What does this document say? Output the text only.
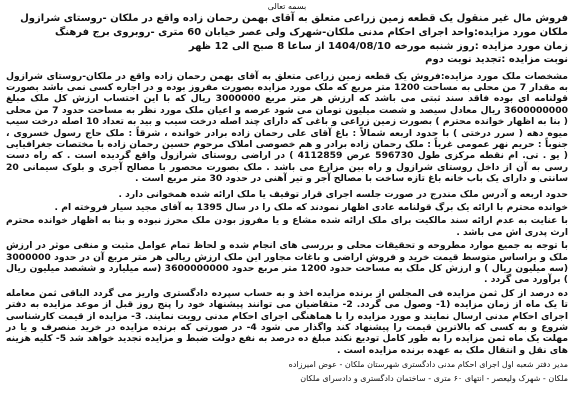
بسمه تعالی
فروش مال غیر منقول یک قطعه زمین زراعی متعلق به آقای بهمن رحمان زاده واقع در ملکان -روستای شرازول
ملکان مورد مزایده:واحد اجرای احکام مدنی ملکان-شهرک ولی عصر خیابان 60 متری -روبروی برج فرهنگ
زمان مورد مزایده :روز شنبه مورخه 1404/08/10 از ساعا 8 صبح الی 12 ظهر
نوبت مزایده :تجدید نوبت دوم

مشخصات ملک مورد مزایده:فروش یک قطعه زمین زراعی متعلق به آقای بهمن رحمان زاده واقع در ملکان-روستای شرازول به مقدار 7 من محلی به مساحت 1200 متر مربع که ملک مورد مزایده بصورت مفروز بوده و در اجاره کسی نمی باشد بصورت قولنامه ای بوده فاقد سند ثبتی می باشد که ارزش هر متر مربع 3000000 ریال که با این احتساب ارزش کل ملک مبلغ 3600000000 ریال معادل سیصد و شصت میلیون تومان می شود عرصه و اعیان ملک مورد نظر به مساحت حدود 7 من محلی ( بنا به اظهار خوانده محترم ) بصورت زمین زراعی و باغی که دارای چند اصله درخت سیب و بید به تعداد 10 اصله درخت سیب میوه دهه ( سرر درختی ) با حدود اربعه شمالاً : باغ آقای علی رحمان زاده برادر خوانده ، شرقاً : ملک حاج رسول خسروی ، جنوباً : حریم نهر عمومی غرباً : ملک رحمان زاده برادر و هم خصوصی املاک مرحوم حسین رحمان زاده با مختصات جغرافیایی ( یو . تی. ام نقطه مرکزی طول 596730 عرض 4112859 ) در اراضی روستای شرازول واقع گردیده است . که راه دست رسی به آن از داخل روستای شرازول و راه بین مزارع می باشد . ملک بصورت محصور با مصالح آجری و بلوک سیمانی 20 سانتی و دارای یک باب خانه باغ تازه ساخت با مصالح آجر و تیر آهنی در حدود 30 متر مربع است .

حدود اربعه و آدرس ملک مندرج در صورت جلسه اجرای قرار توقیف یا ملک ارائه شده همخوانی دارد .

خوانده محترم با ارائه یک برگ قولنامه عادی اظهار نمودند که ملک را در سال 1395 به آقای مجید سیار فروخته ام .

با عنایت به عدم ارائه سند مالکیت برای ملک ارائه شده مشاع و یا مفروز بودن ملک محرز نبوده و بنا به اظهار خوانده محترم ارث پدری اش می باشد .

با توجه به جمیع موارد مطروحه و تحقیقات محلی و بررسی های انجام شده و لحاظ تمام عوامل مثبت و منفی موثر در ارزش ملک و براساس متوسط قیمت خرید و فروش اراضی و باغات مجاور این ملک ارزش ریالی هر متر مربع آن در حدود 3000000 (سه میلیون ریال ) و ارزش کل ملک به مساحت حدود 1200 متر مربع حدود 3600000000 (سه میلیارد و ششصد میلیون ریال ) برآورد می گردد .

ده درصد از کل ثمن مزایده فی المجلس از برنده مزایده اخذ و به حساب سپرده دادگستری واریز می گردد الباقی ثمن معامله تا یک ماه از زمان مزایده (1- وصول می گردد. 2- متقاضیان می توانند پیشنهاد خود را پنج روز قبل از موعد مزایده به دفتر اجرای احکام مدنی ارسال نمایند و مورد مزایده را با هماهنگی اجرای احکام مدنی رویت نمایند. 3- مزایده از قیمت کارشناسی شروع و به کسی که بالاترین قیمت را پیشنهاد کند واگذار می شود 4- در صورتی که برنده مزایده در خرید منصرف و یا در مهلت یک ماه ثمن مزایده را به طور کامل تودیع نکند مبلغ ده درصد به نفع دولت ضبط و مزایده تجدید خواهد شد 5- کلیه هزینه های نقل و انتقال ملک به عهده برنده مزایده است .

مدیر دفتر شعبه اول اجرای احکام مدنی دادگستری شهرستان ملکان - عوض امیرزاده
ملکان - شهرک ولیعصر - انتهای ۶۰ متری - ساختمان دادگستری و دادسرای ملکان
